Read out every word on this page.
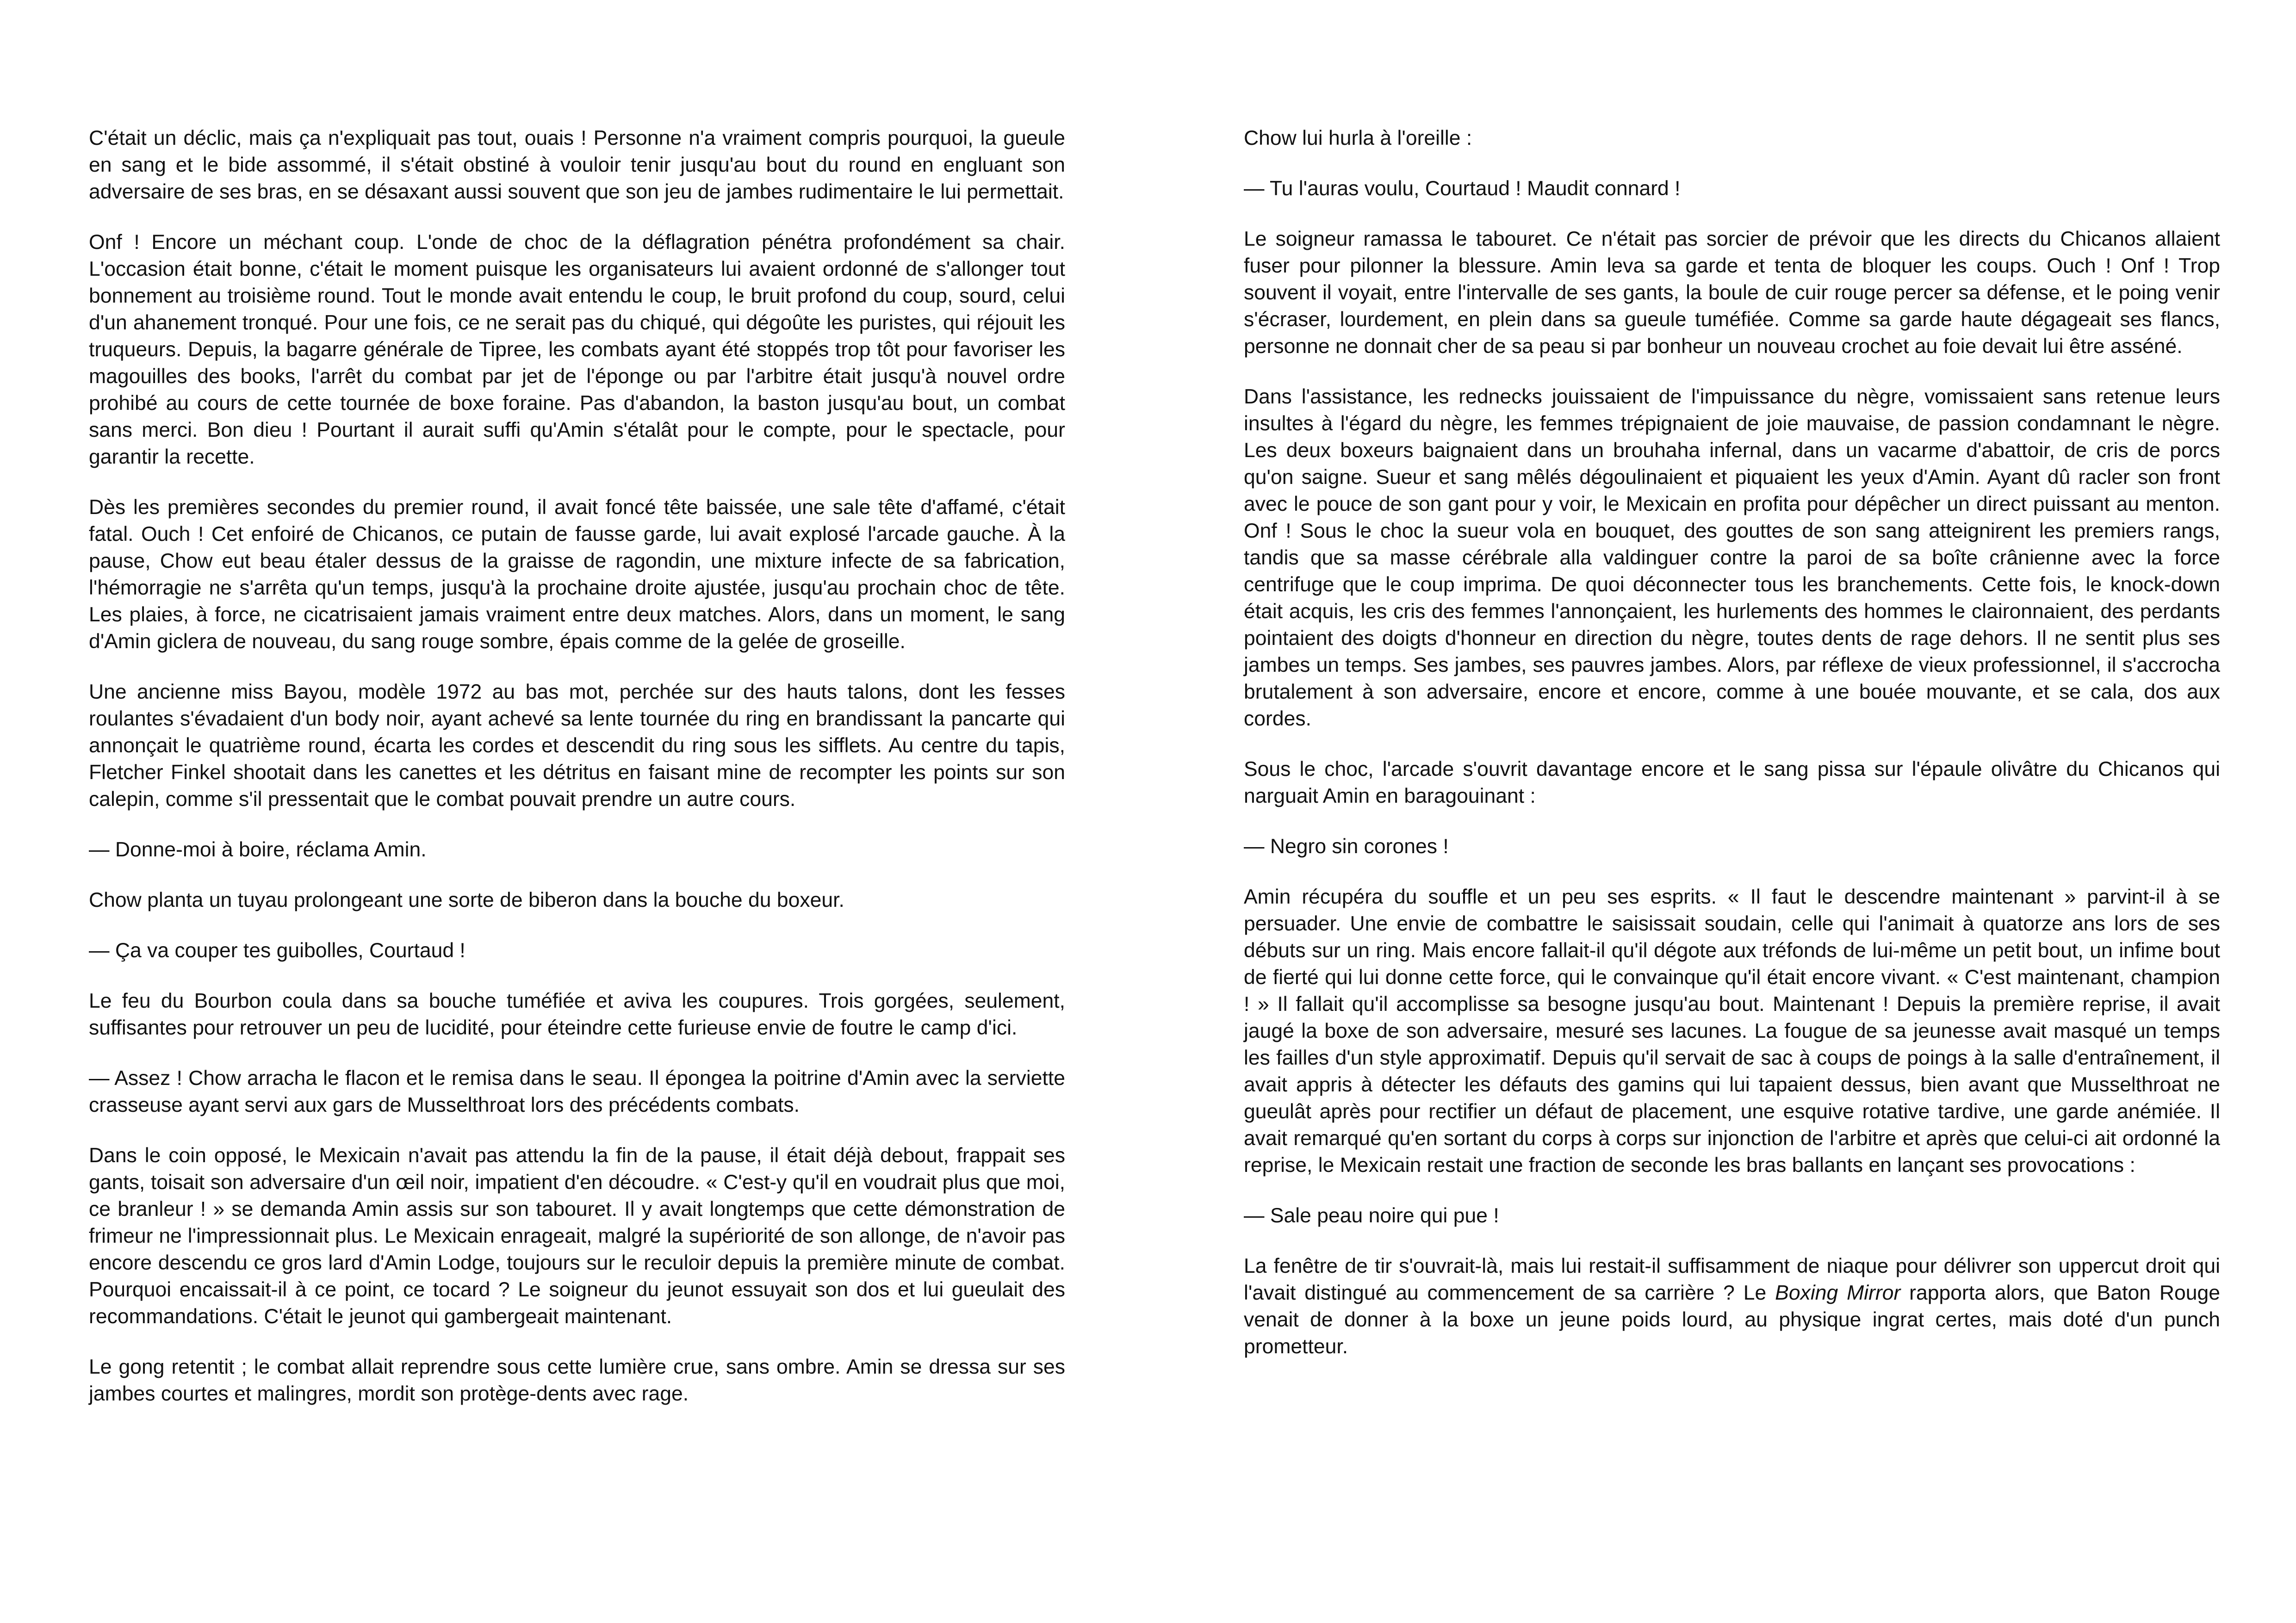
C'était un déclic, mais ça n'expliquait pas tout, ouais ! Personne n'a vraiment compris pourquoi, la gueule en sang et le bide assommé, il s'était obstiné à vouloir tenir jusqu'au bout du round en engluant son adversaire de ses bras, en se désaxant aussi souvent que son jeu de jambes rudimentaire le lui permettait.

Onf ! Encore un méchant coup. L'onde de choc de la déflagration pénétra profondément sa chair. L'occasion était bonne, c'était le moment puisque les organisateurs lui avaient ordonné de s'allonger tout bonnement au troisième round. Tout le monde avait entendu le coup, le bruit profond du coup, sourd, celui d'un ahanement tronqué. Pour une fois, ce ne serait pas du chiqué, qui dégoûte les puristes, qui réjouit les truqueurs. Depuis, la bagarre générale de Tipree, les combats ayant été stoppés trop tôt pour favoriser les magouilles des books, l'arrêt du combat par jet de l'éponge ou par l'arbitre était jusqu'à nouvel ordre prohibé au cours de cette tournée de boxe foraine. Pas d'abandon, la baston jusqu'au bout, un combat sans merci. Bon dieu ! Pourtant il aurait suffi qu'Amin s'étalât pour le compte, pour le spectacle, pour garantir la recette.

Dès les premières secondes du premier round, il avait foncé tête baissée, une sale tête d'affamé, c'était fatal. Ouch ! Cet enfoiré de Chicanos, ce putain de fausse garde, lui avait explosé l'arcade gauche. À la pause, Chow eut beau étaler dessus de la graisse de ragondin, une mixture infecte de sa fabrication, l'hémorragie ne s'arrêta qu'un temps, jusqu'à la prochaine droite ajustée, jusqu'au prochain choc de tête. Les plaies, à force, ne cicatrisaient jamais vraiment entre deux matches. Alors, dans un moment, le sang d'Amin giclera de nouveau, du sang rouge sombre, épais comme de la gelée de groseille.

Une ancienne miss Bayou, modèle 1972 au bas mot, perchée sur des hauts talons, dont les fesses roulantes s'évadaient d'un body noir, ayant achevé sa lente tournée du ring en brandissant la pancarte qui annonçait le quatrième round, écarta les cordes et descendit du ring sous les sifflets. Au centre du tapis, Fletcher Finkel shootait dans les canettes et les détritus en faisant mine de recompter les points sur son calepin, comme s'il pressentait que le combat pouvait prendre un autre cours.

— Donne-moi à boire, réclama Amin.

Chow planta un tuyau prolongeant une sorte de biberon dans la bouche du boxeur.

— Ça va couper tes guibolles, Courtaud !

Le feu du Bourbon coula dans sa bouche tuméfiée et aviva les coupures. Trois gorgées, seulement, suffisantes pour retrouver un peu de lucidité, pour éteindre cette furieuse envie de foutre le camp d'ici.

— Assez ! Chow arracha le flacon et le remisa dans le seau. Il épongea la poitrine d'Amin avec la serviette crasseuse ayant servi aux gars de Musselthroat lors des précédents combats.

Dans le coin opposé, le Mexicain n'avait pas attendu la fin de la pause, il était déjà debout, frappait ses gants, toisait son adversaire d'un œil noir, impatient d'en découdre. « C'est-y qu'il en voudrait plus que moi, ce branleur ! » se demanda Amin assis sur son tabouret. Il y avait longtemps que cette démonstration de frimeur ne l'impressionnait plus. Le Mexicain enrageait, malgré la supériorité de son allonge, de n'avoir pas encore descendu ce gros lard d'Amin Lodge, toujours sur le reculoir depuis la première minute de combat. Pourquoi encaissait-il à ce point, ce tocard ? Le soigneur du jeunot essuyait son dos et lui gueulait des recommandations. C'était le jeunot qui gambergeait maintenant.

Le gong retentit ; le combat allait reprendre sous cette lumière crue, sans ombre. Amin se dressa sur ses jambes courtes et malingres, mordit son protège-dents avec rage.

Chow lui hurla à l'oreille :

— Tu l'auras voulu, Courtaud ! Maudit connard !

Le soigneur ramassa le tabouret. Ce n'était pas sorcier de prévoir que les directs du Chicanos allaient fuser pour pilonner la blessure. Amin leva sa garde et tenta de bloquer les coups. Ouch ! Onf ! Trop souvent il voyait, entre l'intervalle de ses gants, la boule de cuir rouge percer sa défense, et le poing venir s'écraser, lourdement, en plein dans sa gueule tuméfiée. Comme sa garde haute dégageait ses flancs, personne ne donnait cher de sa peau si par bonheur un nouveau crochet au foie devait lui être asséné.

Dans l'assistance, les rednecks jouissaient de l'impuissance du nègre, vomissaient sans retenue leurs insultes à l'égard du nègre, les femmes trépignaient de joie mauvaise, de passion condamnant le nègre. Les deux boxeurs baignaient dans un brouhaha infernal, dans un vacarme d'abattoir, de cris de porcs qu'on saigne. Sueur et sang mêlés dégoulinaient et piquaient les yeux d'Amin. Ayant dû racler son front avec le pouce de son gant pour y voir, le Mexicain en profita pour dépêcher un direct puissant au menton. Onf ! Sous le choc la sueur vola en bouquet, des gouttes de son sang atteignirent les premiers rangs, tandis que sa masse cérébrale alla valdinguer contre la paroi de sa boîte crânienne avec la force centrifuge que le coup imprima. De quoi déconnecter tous les branchements. Cette fois, le knock-down était acquis, les cris des femmes l'annonçaient, les hurlements des hommes le claironnaient, des perdants pointaient des doigts d'honneur en direction du nègre, toutes dents de rage dehors. Il ne sentit plus ses jambes un temps. Ses jambes, ses pauvres jambes. Alors, par réflexe de vieux professionnel, il s'accrocha brutalement à son adversaire, encore et encore, comme à une bouée mouvante, et se cala, dos aux cordes.

Sous le choc, l'arcade s'ouvrit davantage encore et le sang pissa sur l'épaule olivâtre du Chicanos qui narguait Amin en baragouinant :

— Negro sin corones !

Amin récupéra du souffle et un peu ses esprits. « Il faut le descendre maintenant » parvint-il à se persuader. Une envie de combattre le saisissait soudain, celle qui l'animait à quatorze ans lors de ses débuts sur un ring. Mais encore fallait-il qu'il dégote aux tréfonds de lui-même un petit bout, un infime bout de fierté qui lui donne cette force, qui le convainque qu'il était encore vivant. « C'est maintenant, champion ! » Il fallait qu'il accomplisse sa besogne jusqu'au bout. Maintenant ! Depuis la première reprise, il avait jaugé la boxe de son adversaire, mesuré ses lacunes. La fougue de sa jeunesse avait masqué un temps les failles d'un style approximatif. Depuis qu'il servait de sac à coups de poings à la salle d'entraînement, il avait appris à détecter les défauts des gamins qui lui tapaient dessus, bien avant que Musselthroat ne gueulât après pour rectifier un défaut de placement, une esquive rotative tardive, une garde anémiée. Il avait remarqué qu'en sortant du corps à corps sur injonction de l'arbitre et après que celui-ci ait ordonné la reprise, le Mexicain restait une fraction de seconde les bras ballants en lançant ses provocations :

— Sale peau noire qui pue !

La fenêtre de tir s'ouvrait-là, mais lui restait-il suffisamment de niaque pour délivrer son uppercut droit qui l'avait distingué au commencement de sa carrière ? Le Boxing Mirror rapporta alors, que Baton Rouge venait de donner à la boxe un jeune poids lourd, au physique ingrat certes, mais doté d'un punch prometteur.
